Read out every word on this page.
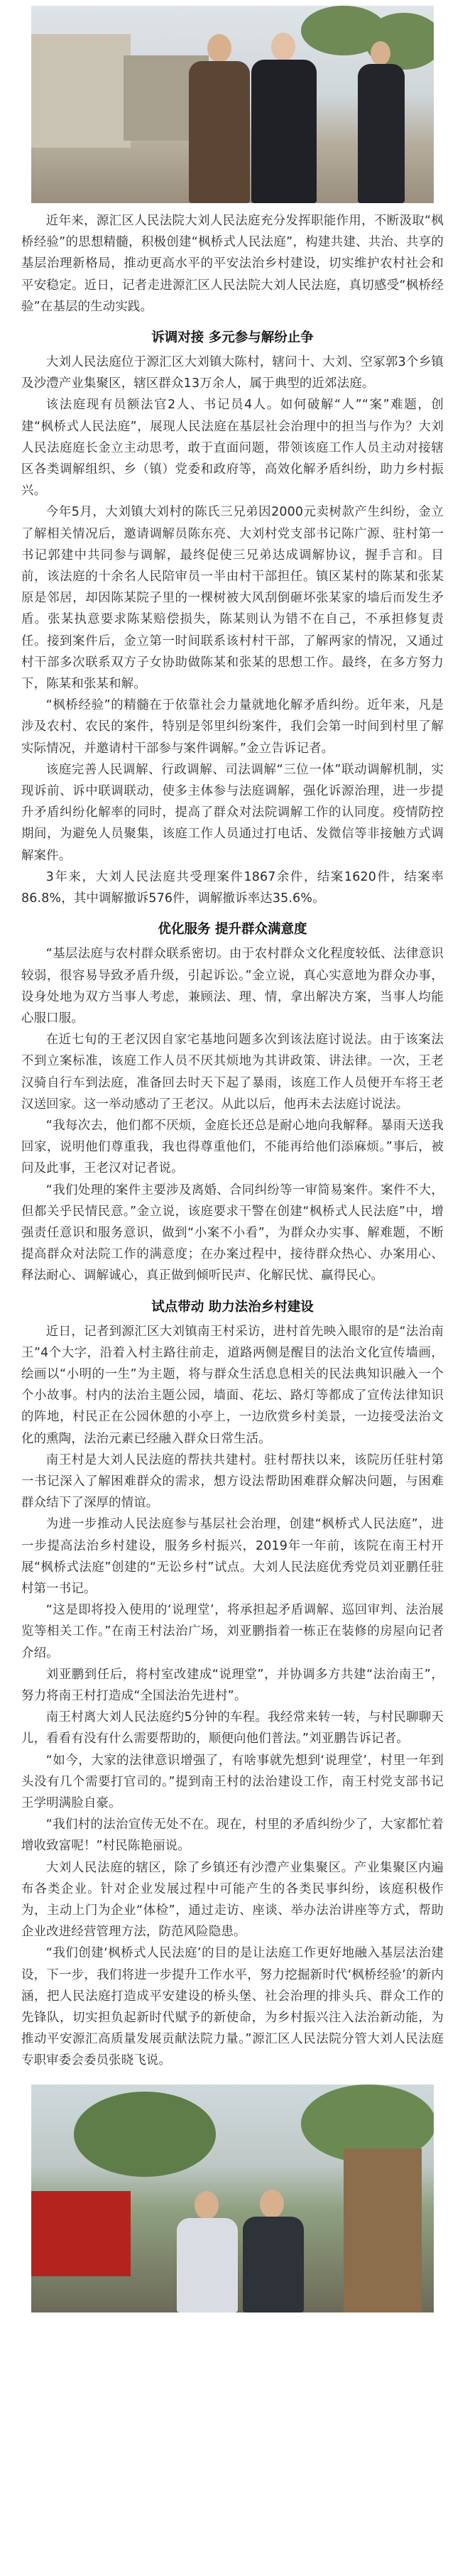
近年来，源汇区人民法院大刘人民法庭充分发挥职能作用，不断汲取“枫桥经验”的思想精髓，积极创建“枫桥式人民法庭”，构建共建、共治、共享的基层治理新格局，推动更高水平的平安法治乡村建设，切实维护农村社会和平安稳定。近日，记者走进源汇区人民法院大刘人民法庭，真切感受“枫桥经验”在基层的生动实践。

诉调对接 多元参与解纷止争

大刘人民法庭位于源汇区大刘镇大陈村，辖问十、大刘、空冢郭3个乡镇及沙澧产业集聚区，辖区群众13万余人，属于典型的近郊法庭。

该法庭现有员额法官2人、书记员4人。如何破解“人”“案”难题，创建“枫桥式人民法庭”，展现人民法庭在基层社会治理中的担当与作为？大刘人民法庭庭长金立主动思考，敢于直面问题，带领该庭工作人员主动对接辖区各类调解组织、乡（镇）党委和政府等，高效化解矛盾纠纷，助力乡村振兴。

今年5月，大刘镇大刘村的陈氏三兄弟因2000元卖树款产生纠纷，金立了解相关情况后，邀请调解员陈东亮、大刘村党支部书记陈广源、驻村第一书记郭建中共同参与调解，最终促使三兄弟达成调解协议，握手言和。目前，该法庭的十余名人民陪审员一半由村干部担任。镇区某村的陈某和张某原是邻居，却因陈某院子里的一棵树被大风刮倒砸坏张某家的墙后而发生矛盾。张某执意要求陈某赔偿损失，陈某则认为错不在自己，不承担修复责任。接到案件后，金立第一时间联系该村村干部，了解两家的情况，又通过村干部多次联系双方子女协助做陈某和张某的思想工作。最终，在多方努力下，陈某和张某和解。

“枫桥经验”的精髓在于依靠社会力量就地化解矛盾纠纷。近年来，凡是涉及农村、农民的案件，特别是邻里纠纷案件，我们会第一时间到村里了解实际情况，并邀请村干部参与案件调解。”金立告诉记者。

该庭完善人民调解、行政调解、司法调解“三位一体”联动调解机制，实现诉前、诉中联调联动，使多主体参与法庭调解，强化诉源治理，进一步提升矛盾纠纷化解率的同时，提高了群众对法院调解工作的认同度。疫情防控期间，为避免人员聚集，该庭工作人员通过打电话、发微信等非接触方式调解案件。

3年来，大刘人民法庭共受理案件1867余件，结案1620件，结案率86.8%，其中调解撤诉576件，调解撤诉率达35.6%。

优化服务 提升群众满意度

“基层法庭与农村群众联系密切。由于农村群众文化程度较低、法律意识较弱，很容易导致矛盾升级，引起诉讼。”金立说，真心实意地为群众办事，设身处地为双方当事人考虑，兼顾法、理、情，拿出解决方案，当事人均能心服口服。

在近七旬的王老汉因自家宅基地问题多次到该法庭讨说法。由于该案法不到立案标准，该庭工作人员不厌其烦地为其讲政策、讲法律。一次，王老汉骑自行车到法庭，准备回去时天下起了暴雨，该庭工作人员便开车将王老汉送回家。这一举动感动了王老汉。从此以后，他再未去法庭讨说法。

“我每次去，他们都不厌烦，金庭长还总是耐心地向我解释。暴雨天送我回家，说明他们尊重我，我也得尊重他们，不能再给他们添麻烦。”事后，被问及此事，王老汉对记者说。

“我们处理的案件主要涉及离婚、合同纠纷等一审简易案件。案件不大，但都关乎民情民意。”金立说，该庭要求干警在创建“枫桥式人民法庭”中，增强责任意识和服务意识，做到“小案不小看”，为群众办实事、解难题，不断提高群众对法院工作的满意度；在办案过程中，接待群众热心、办案用心、释法耐心、调解诚心，真正做到倾听民声、化解民忧、赢得民心。

试点带动 助力法治乡村建设

近日，记者到源汇区大刘镇南王村采访，进村首先映入眼帘的是“法治南王”4个大字，沿着入村主路往前走，道路两侧是醒目的法治文化宣传墙画，绘画以“小明的一生”为主题，将与群众生活息息相关的民法典知识融入一个个小故事。村内的法治主题公园，墙面、花坛、路灯等都成了宣传法律知识的阵地，村民正在公园休憩的小亭上，一边欣赏乡村美景，一边接受法治文化的熏陶，法治元素已经融入群众日常生活。

南王村是大刘人民法庭的帮扶共建村。驻村帮扶以来，该院历任驻村第一书记深入了解困难群众的需求，想方设法帮助困难群众解决问题，与困难群众结下了深厚的情谊。

为进一步推动人民法庭参与基层社会治理，创建“枫桥式人民法庭”，进一步提高法治乡村建设，服务乡村振兴，2019年一年前，该院在南王村开展“枫桥式法庭”创建的“无讼乡村”试点。大刘人民法庭优秀党员刘亚鹏任驻村第一书记。

“这是即将投入使用的‘说理堂’，将承担起矛盾调解、巡回审判、法治展览等相关工作。”在南王村法治广场，刘亚鹏指着一栋正在装修的房屋向记者介绍。

刘亚鹏到任后，将村室改建成“说理堂”，并协调多方共建“法治南王”，努力将南王村打造成“全国法治先进村”。

南王村离大刘人民法庭约5分钟的车程。我经常来转一转，与村民聊聊天儿，看看有没有什么需要帮助的，顺便向他们普法。”刘亚鹏告诉记者。

“如今，大家的法律意识增强了，有啥事就先想到‘说理堂’，村里一年到头没有几个需要打官司的。”提到南王村的法治建设工作，南王村党支部书记王学明满脸自豪。

“我们村的法治宣传无处不在。现在，村里的矛盾纠纷少了，大家都忙着增收致富呢！”村民陈艳丽说。

大刘人民法庭的辖区，除了乡镇还有沙澧产业集聚区。产业集聚区内遍布各类企业。针对企业发展过程中可能产生的各类民事纠纷，该庭积极作为，主动上门为企业“体检”，通过走访、座谈、举办法治讲座等方式，帮助企业改进经营管理方法，防范风险隐患。

“我们创建‘枫桥式人民法庭’的目的是让法庭工作更好地融入基层法治建设，下一步，我们将进一步提升工作水平，努力挖掘新时代‘枫桥经验’的新内涵，把人民法庭打造成平安建设的桥头堡、社会治理的排头兵、群众工作的先锋队，切实担负起新时代赋予的新使命，为乡村振兴注入法治新动能，为推动平安源汇高质量发展贡献法院力量。”源汇区人民法院分管大刘人民法庭专职审委会委员张晓飞说。
